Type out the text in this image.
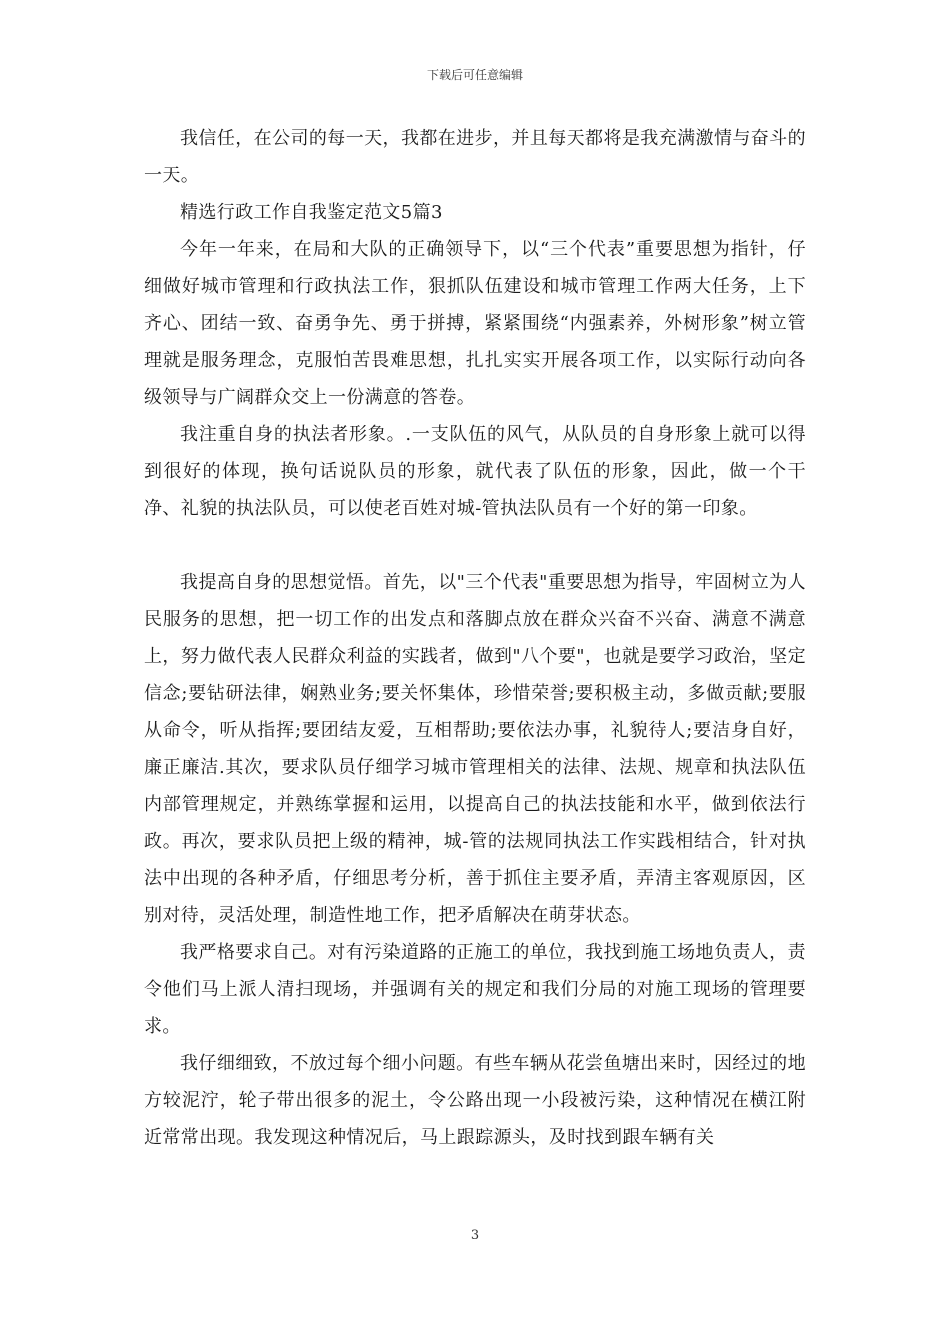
下载后可任意编辑

我信任，在公司的每一天，我都在进步，并且每天都将是我充满激情与奋斗的一天。

精选行政工作自我鉴定范文5篇3

今年一年来，在局和大队的正确领导下，以“三个代表”重要思想为指针，仔细做好城市管理和行政执法工作，狠抓队伍建设和城市管理工作两大任务，上下齐心、团结一致、奋勇争先、勇于拼搏，紧紧围绕“内强素养，外树形象”树立管理就是服务理念，克服怕苦畏难思想，扎扎实实开展各项工作，以实际行动向各级领导与广阔群众交上一份满意的答卷。

我注重自身的执法者形象。.一支队伍的风气，从队员的自身形象上就可以得到很好的体现，换句话说队员的形象，就代表了队伍的形象，因此，做一个干净、礼貌的执法队员，可以使老百姓对城-管执法队员有一个好的第一印象。

我提高自身的思想觉悟。首先，以"三个代表"重要思想为指导，牢固树立为人民服务的思想，把一切工作的出发点和落脚点放在群众兴奋不兴奋、满意不满意上，努力做代表人民群众利益的实践者，做到"八个要"，也就是要学习政治，坚定信念;要钻研法律，娴熟业务;要关怀集体，珍惜荣誉;要积极主动，多做贡献;要服从命令，听从指挥;要团结友爱，互相帮助;要依法办事，礼貌待人;要洁身自好，廉正廉洁.其次，要求队员仔细学习城市管理相关的法律、法规、规章和执法队伍内部管理规定，并熟练掌握和运用，以提高自己的执法技能和水平，做到依法行政。再次，要求队员把上级的精神，城-管的法规同执法工作实践相结合，针对执法中出现的各种矛盾，仔细思考分析，善于抓住主要矛盾，弄清主客观原因，区别对待，灵活处理，制造性地工作，把矛盾解决在萌芽状态。

我严格要求自己。对有污染道路的正施工的单位，我找到施工场地负责人，责令他们马上派人清扫现场，并强调有关的规定和我们分局的对施工现场的管理要求。

我仔细细致，不放过每个细小问题。有些车辆从花尝鱼塘出来时，因经过的地方较泥泞，轮子带出很多的泥土，令公路出现一小段被污染，这种情况在横江附近常常出现。我发现这种情况后，马上跟踪源头，及时找到跟车辆有关

3
